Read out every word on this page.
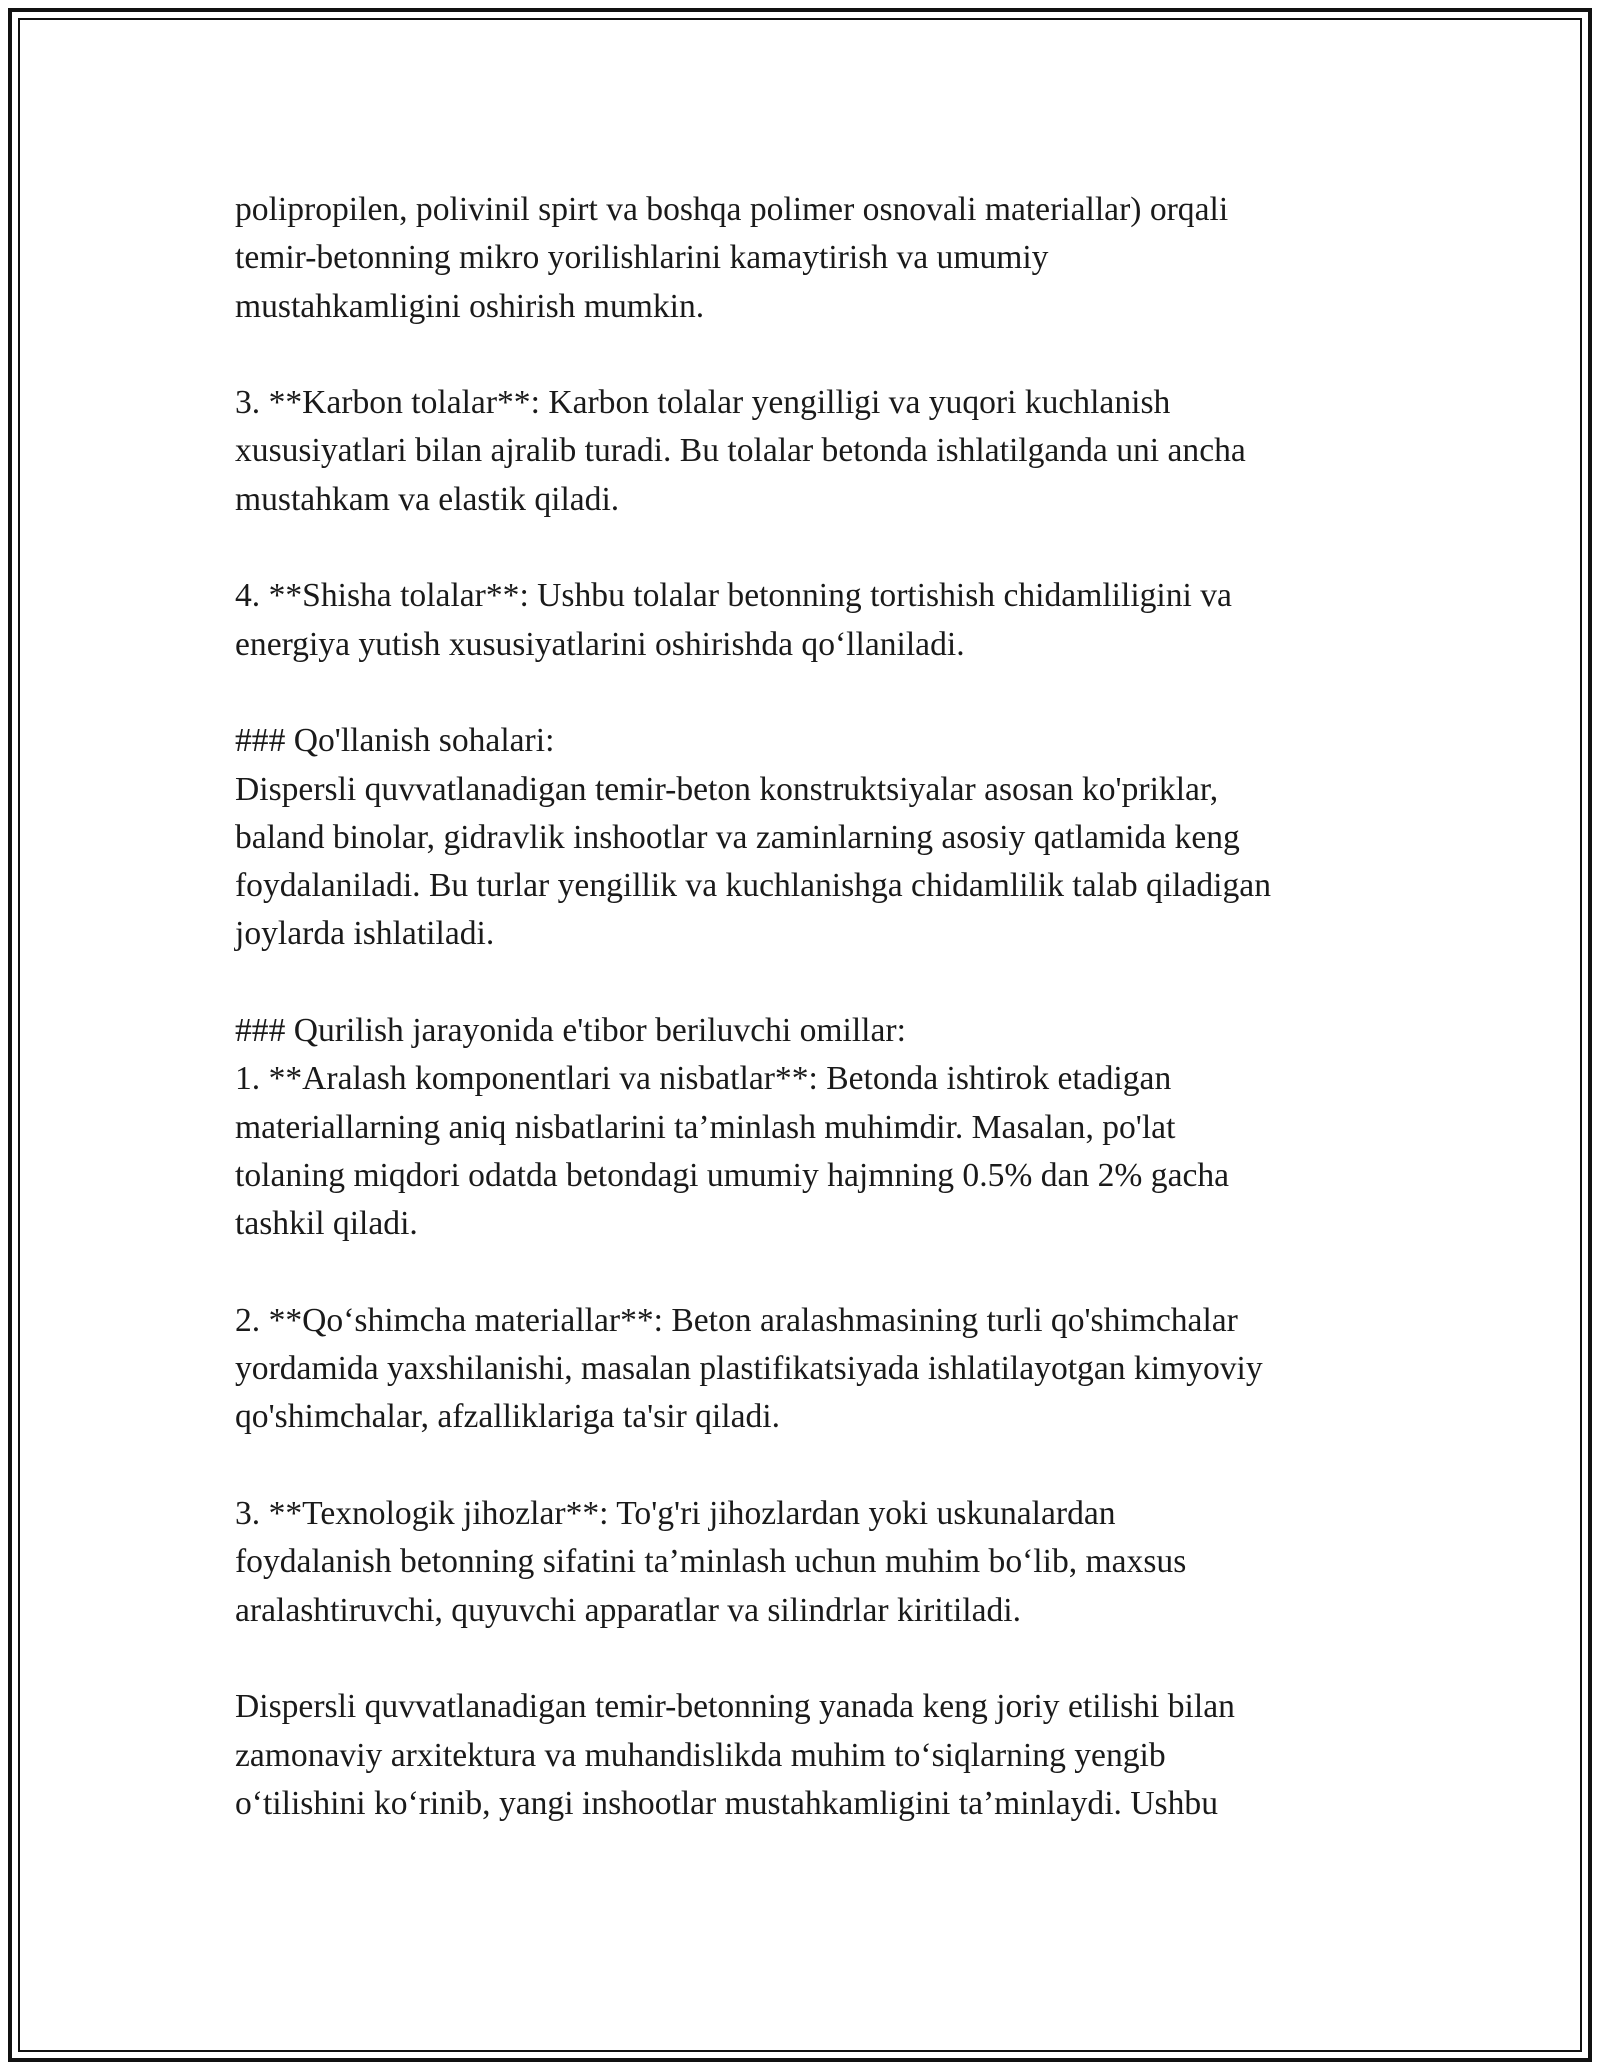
polipropilen, polivinil spirt va boshqa polimer osnovali materiallar) orqali
temir-betonning mikro yorilishlarini kamaytirish va umumiy
mustahkamligini oshirish mumkin.
3. **Karbon tolalar**: Karbon tolalar yengilligi va yuqori kuchlanish
xususiyatlari bilan ajralib turadi. Bu tolalar betonda ishlatilganda uni ancha
mustahkam va elastik qiladi.
4. **Shisha tolalar**: Ushbu tolalar betonning tortishish chidamliligini va
energiya yutish xususiyatlarini oshirishda qo‘llaniladi.
### Qo'llanish sohalari:
Dispersli quvvatlanadigan temir-beton konstruktsiyalar asosan ko'priklar,
baland binolar, gidravlik inshootlar va zaminlarning asosiy qatlamida keng
foydalaniladi. Bu turlar yengillik va kuchlanishga chidamlilik talab qiladigan
joylarda ishlatiladi.
### Qurilish jarayonida e'tibor beriluvchi omillar:
1. **Aralash komponentlari va nisbatlar**: Betonda ishtirok etadigan
materiallarning aniq nisbatlarini ta’minlash muhimdir. Masalan, po'lat
tolaning miqdori odatda betondagi umumiy hajmning 0.5% dan 2% gacha
tashkil qiladi.
2. **Qo‘shimcha materiallar**: Beton aralashmasining turli qo'shimchalar
yordamida yaxshilanishi, masalan plastifikatsiyada ishlatilayotgan kimyoviy
qo'shimchalar, afzalliklariga ta'sir qiladi.
3. **Texnologik jihozlar**: To'g'ri jihozlardan yoki uskunalardan
foydalanish betonning sifatini ta’minlash uchun muhim bo‘lib, maxsus
aralashtiruvchi, quyuvchi apparatlar va silindrlar kiritiladi.
Dispersli quvvatlanadigan temir-betonning yanada keng joriy etilishi bilan
zamonaviy arxitektura va muhandislikda muhim to‘siqlarning yengib
o‘tilishini ko‘rinib, yangi inshootlar mustahkamligini ta’minlaydi. Ushbu
